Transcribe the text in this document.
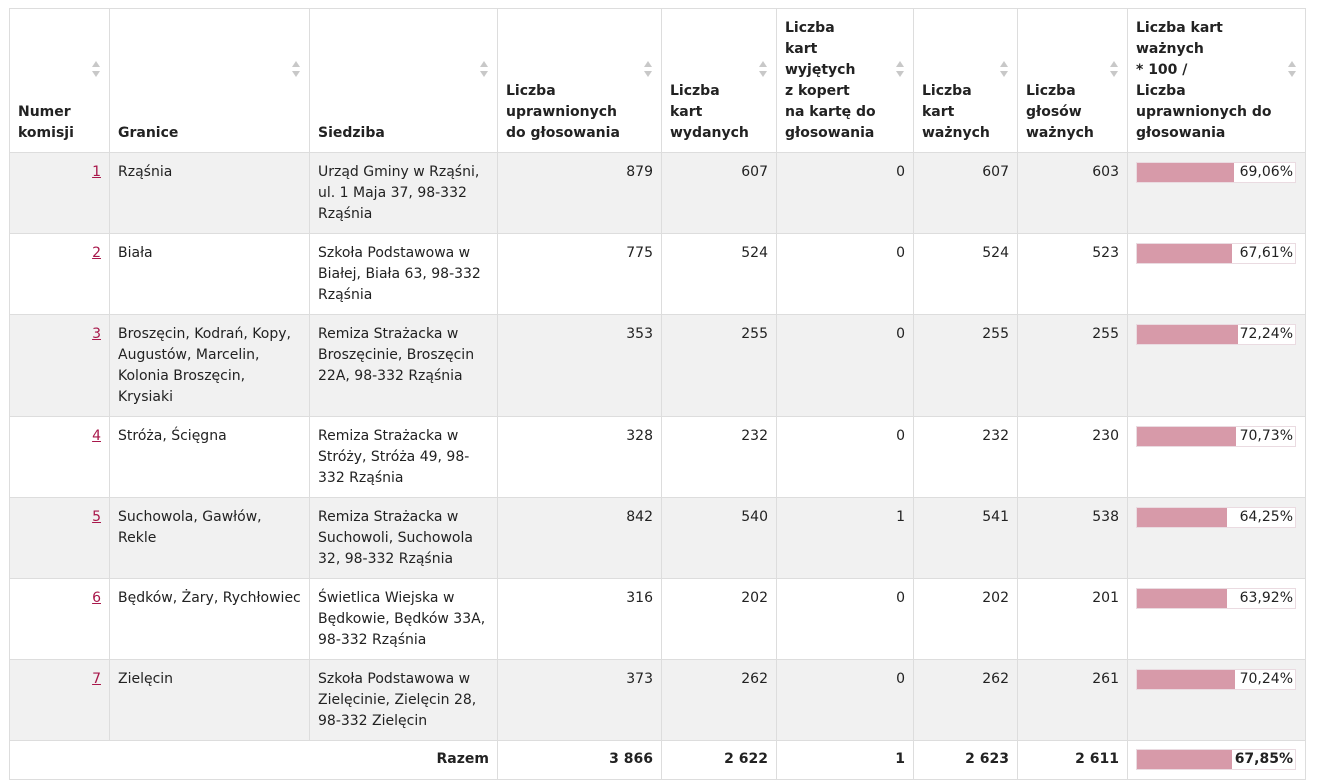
Numer
komisji	Granice	Siedziba	Liczba
uprawnionych
do głosowania	Liczba
kart
wydanych	Liczba
kart wyjętych
z kopert
na kartę do
głosowania	Liczba
kart
ważnych	Liczba
głosów
ważnych	Liczba kart ważnych
* 100 /
Liczba
uprawnionych do
głosowania

1	Rząśnia	Urząd Gminy w Rząśni, ul. 1 Maja 37, 98-332 Rząśnia	879	607	0	607	603	69,06%

2	Biała	Szkoła Podstawowa w Białej, Biała 63, 98-332 Rząśnia	775	524	0	524	523	67,61%

3	Broszęcin, Kodrań, Kopy, Augustów, Marcelin, Kolonia Broszęcin, Krysiaki	Remiza Strażacka w Broszęcinie, Broszęcin 22A, 98-332 Rząśnia	353	255	0	255	255	72,24%

4	Stróża, Ścięgna	Remiza Strażacka w Stróży, Stróża 49, 98-332 Rząśnia	328	232	0	232	230	70,73%

5	Suchowola, Gawłów, Rekle	Remiza Strażacka w Suchowoli, Suchowola 32, 98-332 Rząśnia	842	540	1	541	538	64,25%

6	Będków, Żary, Rychłowiec	Świetlica Wiejska w Będkowie, Będków 33A, 98-332 Rząśnia	316	202	0	202	201	63,92%

7	Zielęcin	Szkoła Podstawowa w Zielęcinie, Zielęcin 28, 98-332 Zielęcin	373	262	0	262	261	70,24%

Razem			3 866	2 622	1	2 623	2 611	67,85%
